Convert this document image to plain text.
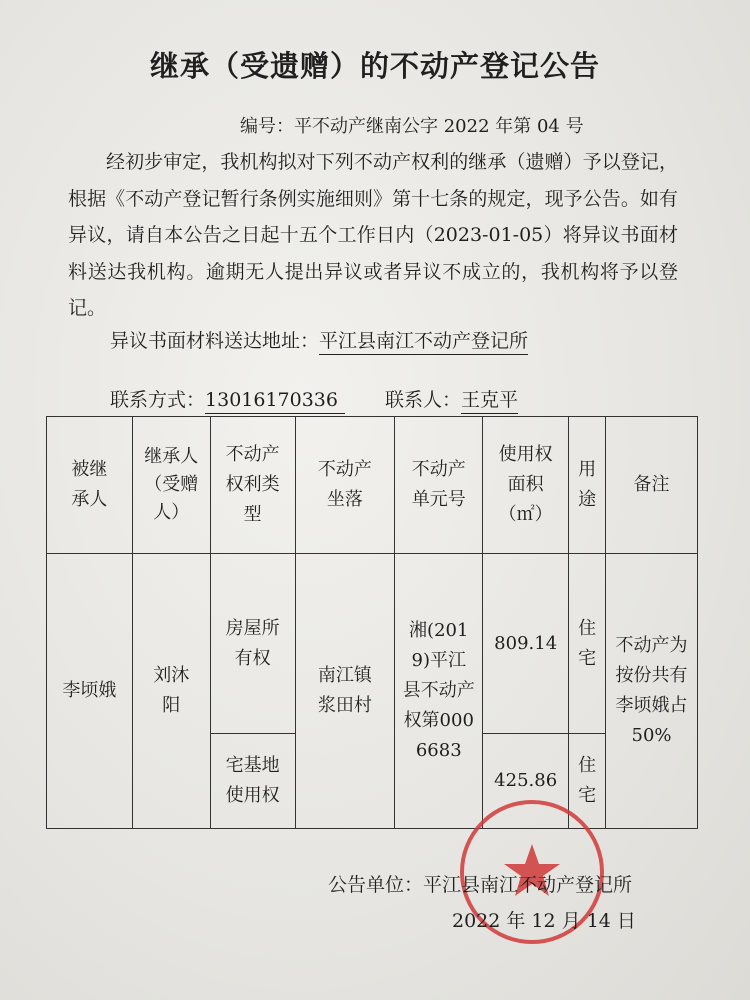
继承（受遗赠）的不动产登记公告
编号：平不动产继南公字 2022 年第 04 号

经初步审定，我机构拟对下列不动产权利的继承（遗赠）予以登记，根据《不动产登记暂行条例实施细则》第十七条的规定，现予公告。如有异议，请自本公告之日起十五个工作日内（2023-01-05）将异议书面材料送达我机构。逾期无人提出异议或者异议不成立的，我机构将予以登记。

异议书面材料送达地址：平江县南江不动产登记所
联系方式：13016170336 联系人：王克平
被继承人	继承人（受赠人）	不动产权利类型	不动产坐落	不动产单元号	使用权面积（㎡）	用途	备注
李顷娥	刘沐阳	房屋所有权	南江镇浆田村	湘(2019)平江县不动产权第0006683	809.14	住宅	不动产为按份共有李顷娥占50%

		宅基地使用权			425.86	住宅	
公告单位：平江县南江不动产登记所
2022 年 12 月 14 日
